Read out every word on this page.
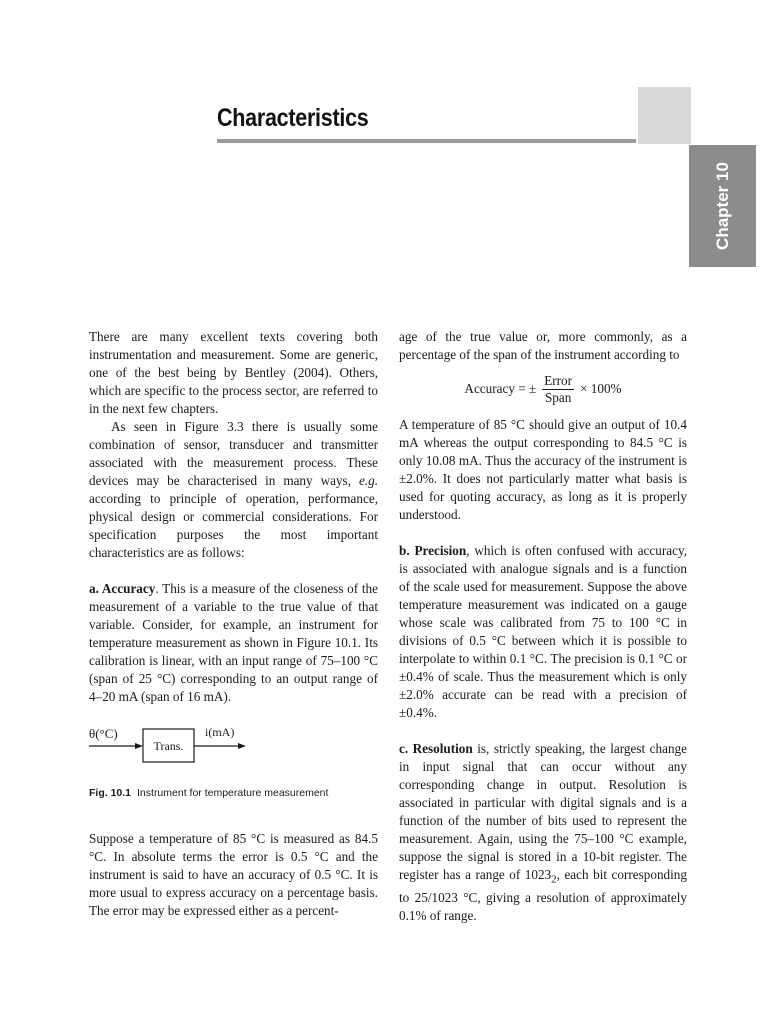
Characteristics
Chapter 10

There are many excellent texts covering both instrumentation and measurement. Some are generic, one of the best being by Bentley (2004). Others, which are specific to the process sector, are referred to in the next few chapters.

As seen in Figure 3.3 there is usually some combination of sensor, transducer and transmitter associated with the measurement process. These devices may be characterised in many ways, e.g. according to principle of operation, performance, physical design or commercial considerations. For specification purposes the most important characteristics are as follows:

a. Accuracy. This is a measure of the closeness of the measurement of a variable to the true value of that variable. Consider, for example, an instrument for temperature measurement as shown in Figure 10.1. Its calibration is linear, with an input range of 75–100 °C (span of 25 °C) corresponding to an output range of 4–20 mA (span of 16 mA).

θ(°C)
Trans.
i(mA)
Fig. 10.1 Instrument for temperature measurement

Suppose a temperature of 85 °C is measured as 84.5 °C. In absolute terms the error is 0.5 °C and the instrument is said to have an accuracy of 0.5 °C. It is more usual to express accuracy on a percentage basis. The error may be expressed either as a percent-

age of the true value or, more commonly, as a percentage of the span of the instrument according to

Accuracy = ± $\frac{\text{Error}}{\text{Span}} \times 100\%$

A temperature of 85 °C should give an output of 10.4 mA whereas the output corresponding to 84.5 °C is only 10.08 mA. Thus the accuracy of the instrument is ±2.0%. It does not particularly matter what basis is used for quoting accuracy, as long as it is properly understood.

b. Precision, which is often confused with accuracy, is associated with analogue signals and is a function of the scale used for measurement. Suppose the above temperature measurement was indicated on a gauge whose scale was calibrated from 75 to 100 °C in divisions of 0.5 °C between which it is possible to interpolate to within 0.1 °C. The precision is 0.1 °C or ±0.4% of scale. Thus the measurement which is only ±2.0% accurate can be read with a precision of ±0.4%.

c. Resolution is, strictly speaking, the largest change in input signal that can occur without any corresponding change in output. Resolution is associated in particular with digital signals and is a function of the number of bits used to represent the measurement. Again, using the 75–100 °C example, suppose the signal is stored in a 10-bit register. The register has a range of $1023_2$, each bit corresponding to 25/1023 °C, giving a resolution of approximately 0.1% of range.
